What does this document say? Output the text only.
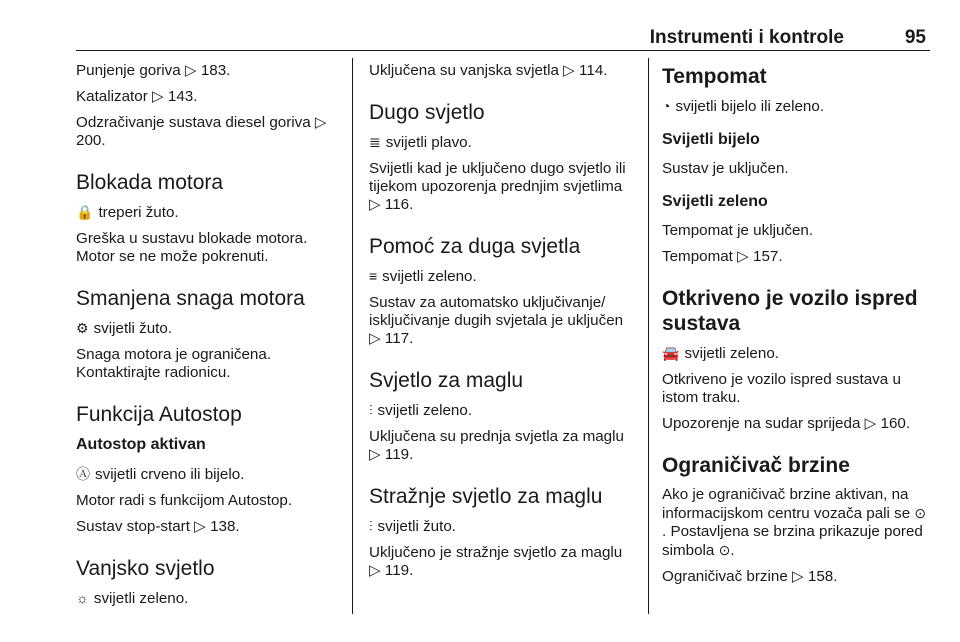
Instrumenti i kontrole	95

Punjenje goriva ▷ 183.

Katalizator ▷ 143.

Odzračivanje sustava diesel goriva ▷ 200.

Blokada motora

🔒 treperi žuto.

Greška u sustavu blokade motora. Motor se ne može pokrenuti.

Smanjena snaga motora

⚙ svijetli žuto.

Snaga motora je ograničena. Kontaktirajte radionicu.

Funkcija Autostop
Autostop aktivan

Ⓐ svijetli crveno ili bijelo.

Motor radi s funkcijom Autostop.

Sustav stop-start ▷ 138.

Vanjsko svjetlo

☼ svijetli zeleno.

Uključena su vanjska svjetla ▷ 114.

Dugo svjetlo

≣ svijetli plavo.

Svijetli kad je uključeno dugo svjetlo ili tijekom upozorenja prednjim svjetlima ▷ 116.

Pomoć za duga svjetla

≡ svijetli zeleno.

Sustav za automatsko uključivanje/ isključivanje dugih svjetala je uključen ▷ 117.

Svjetlo za maglu

⫶ svijetli zeleno.

Uključena su prednja svjetla za maglu ▷ 119.

Stražnje svjetlo za maglu

⫶ svijetli žuto.

Uključeno je stražnje svjetlo za maglu ▷ 119.

Tempomat

◔ svijetli bijelo ili zeleno.

Svijetli bijelo

Sustav je uključen.

Svijetli zeleno

Tempomat je uključen.

Tempomat ▷ 157.

Otkriveno je vozilo ispred sustava

🚘 svijetli zeleno.

Otkriveno je vozilo ispred sustava u istom traku.

Upozorenje na sudar sprijeda ▷ 160.

Ograničivač brzine

Ako je ograničivač brzine aktivan, na informacijskom centru vozača pali se ⊙. Postavljena se brzina prikazuje pored simbola ⊙.

Ograničivač brzine ▷ 158.
